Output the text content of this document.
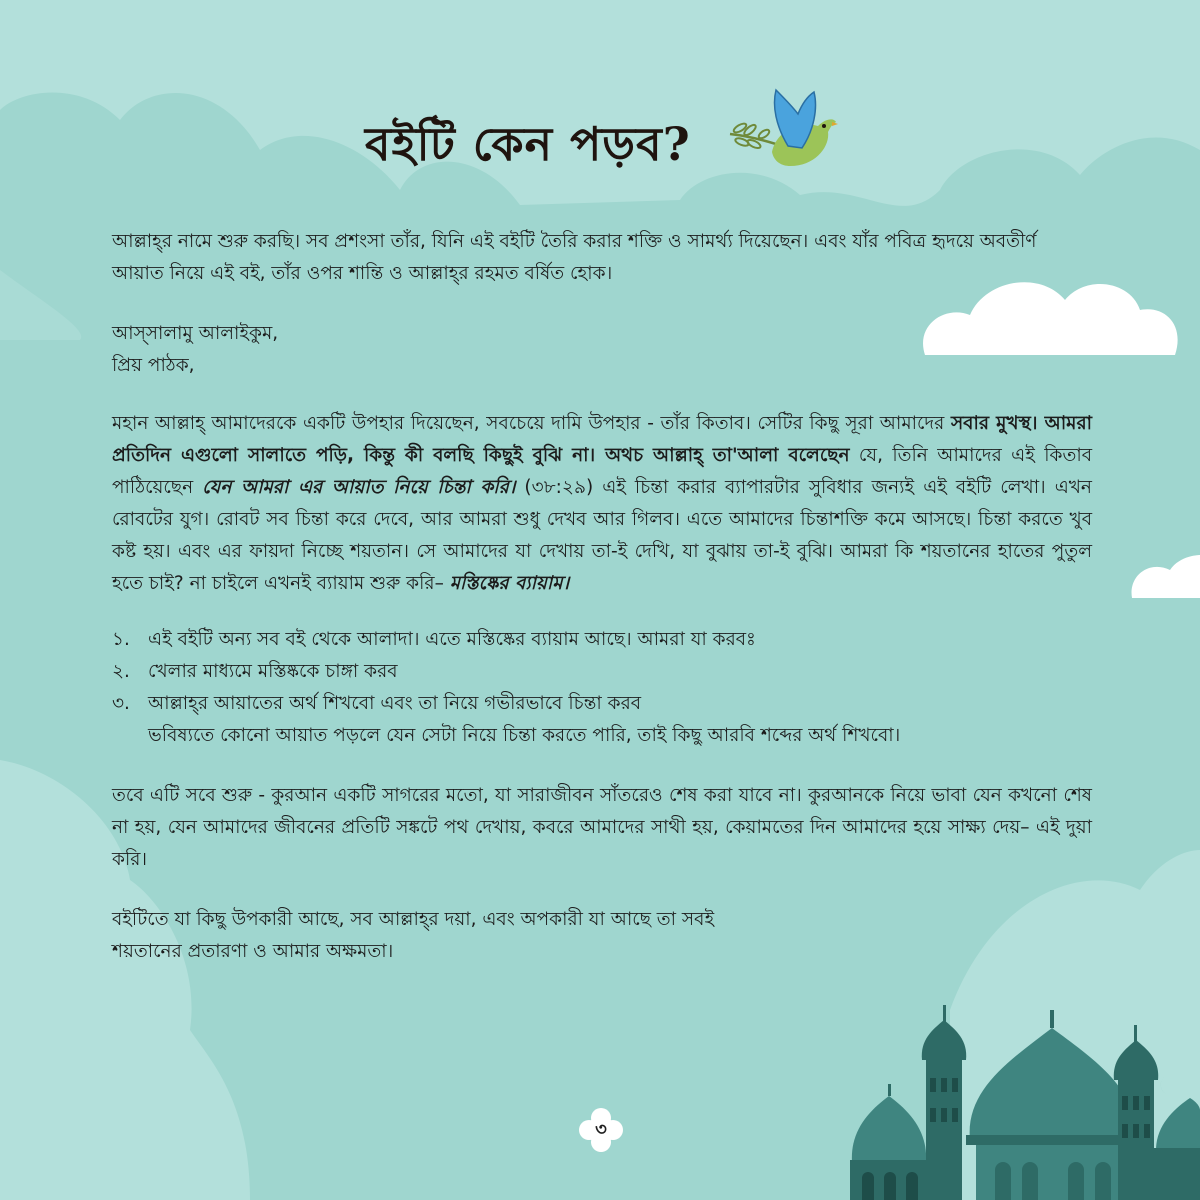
বইটি কেন পড়ব?

আল্লাহ্‌র নামে শুরু করছি। সব প্রশংসা তাঁর, যিনি এই বইটি তৈরি করার শক্তি ও সামর্থ্য দিয়েছেন। এবং যাঁর পবিত্র হৃদয়ে অবতীর্ণ আয়াত নিয়ে এই বই, তাঁর ওপর শান্তি ও আল্লাহ্‌র রহমত বর্ষিত হোক।

আস্‌সালামু আলাইকুম,

প্রিয় পাঠক,

মহান আল্লাহ্‌ আমাদেরকে একটি উপহার দিয়েছেন, সবচেয়ে দামি উপহার - তাঁর কিতাব। সেটির কিছু সূরা আমাদের সবার মুখস্থ। আমরা প্রতিদিন এগুলো সালাতে পড়ি, কিন্তু কী বলছি কিছুই বুঝি না। অথচ আল্লাহ্‌ তা'আলা বলেছেন যে, তিনি আমাদের এই কিতাব পাঠিয়েছেন যেন আমরা এর আয়াত নিয়ে চিন্তা করি। (৩৮:২৯) এই চিন্তা করার ব্যাপারটার সুবিধার জন্যই এই বইটি লেখা। এখন রোবটের যুগ। রোবট সব চিন্তা করে দেবে, আর আমরা শুধু দেখব আর গিলব। এতে আমাদের চিন্তাশক্তি কমে আসছে। চিন্তা করতে খুব কষ্ট হয়। এবং এর ফায়দা নিচ্ছে শয়তান। সে আমাদের যা দেখায় তা-ই দেখি, যা বুঝায় তা-ই বুঝি। আমরা কি শয়তানের হাতের পুতুল হতে চাই? না চাইলে এখনই ব্যায়াম শুরু করি– মস্তিষ্কের ব্যায়াম।

১. এই বইটি অন্য সব বই থেকে আলাদা। এতে মস্তিষ্কের ব্যায়াম আছে। আমরা যা করবঃ
২. খেলার মাধ্যমে মস্তিষ্ককে চাঙ্গা করব
৩. আল্লাহ্‌র আয়াতের অর্থ শিখবো এবং তা নিয়ে গভীরভাবে চিন্তা করব
ভবিষ্যতে কোনো আয়াত পড়লে যেন সেটা নিয়ে চিন্তা করতে পারি, তাই কিছু আরবি শব্দের অর্থ শিখবো।

তবে এটি সবে শুরু - কুরআন একটি সাগরের মতো, যা সারাজীবন সাঁতরেও শেষ করা যাবে না। কুরআনকে নিয়ে ভাবা যেন কখনো শেষ না হয়, যেন আমাদের জীবনের প্রতিটি সঙ্কটে পথ দেখায়, কবরে আমাদের সাথী হয়, কেয়ামতের দিন আমাদের হয়ে সাক্ষ্য দেয়– এই দুয়া করি।

বইটিতে যা কিছু উপকারী আছে, সব আল্লাহ্‌র দয়া, এবং অপকারী যা আছে তা সবই

শয়তানের প্রতারণা ও আমার অক্ষমতা।

৩
